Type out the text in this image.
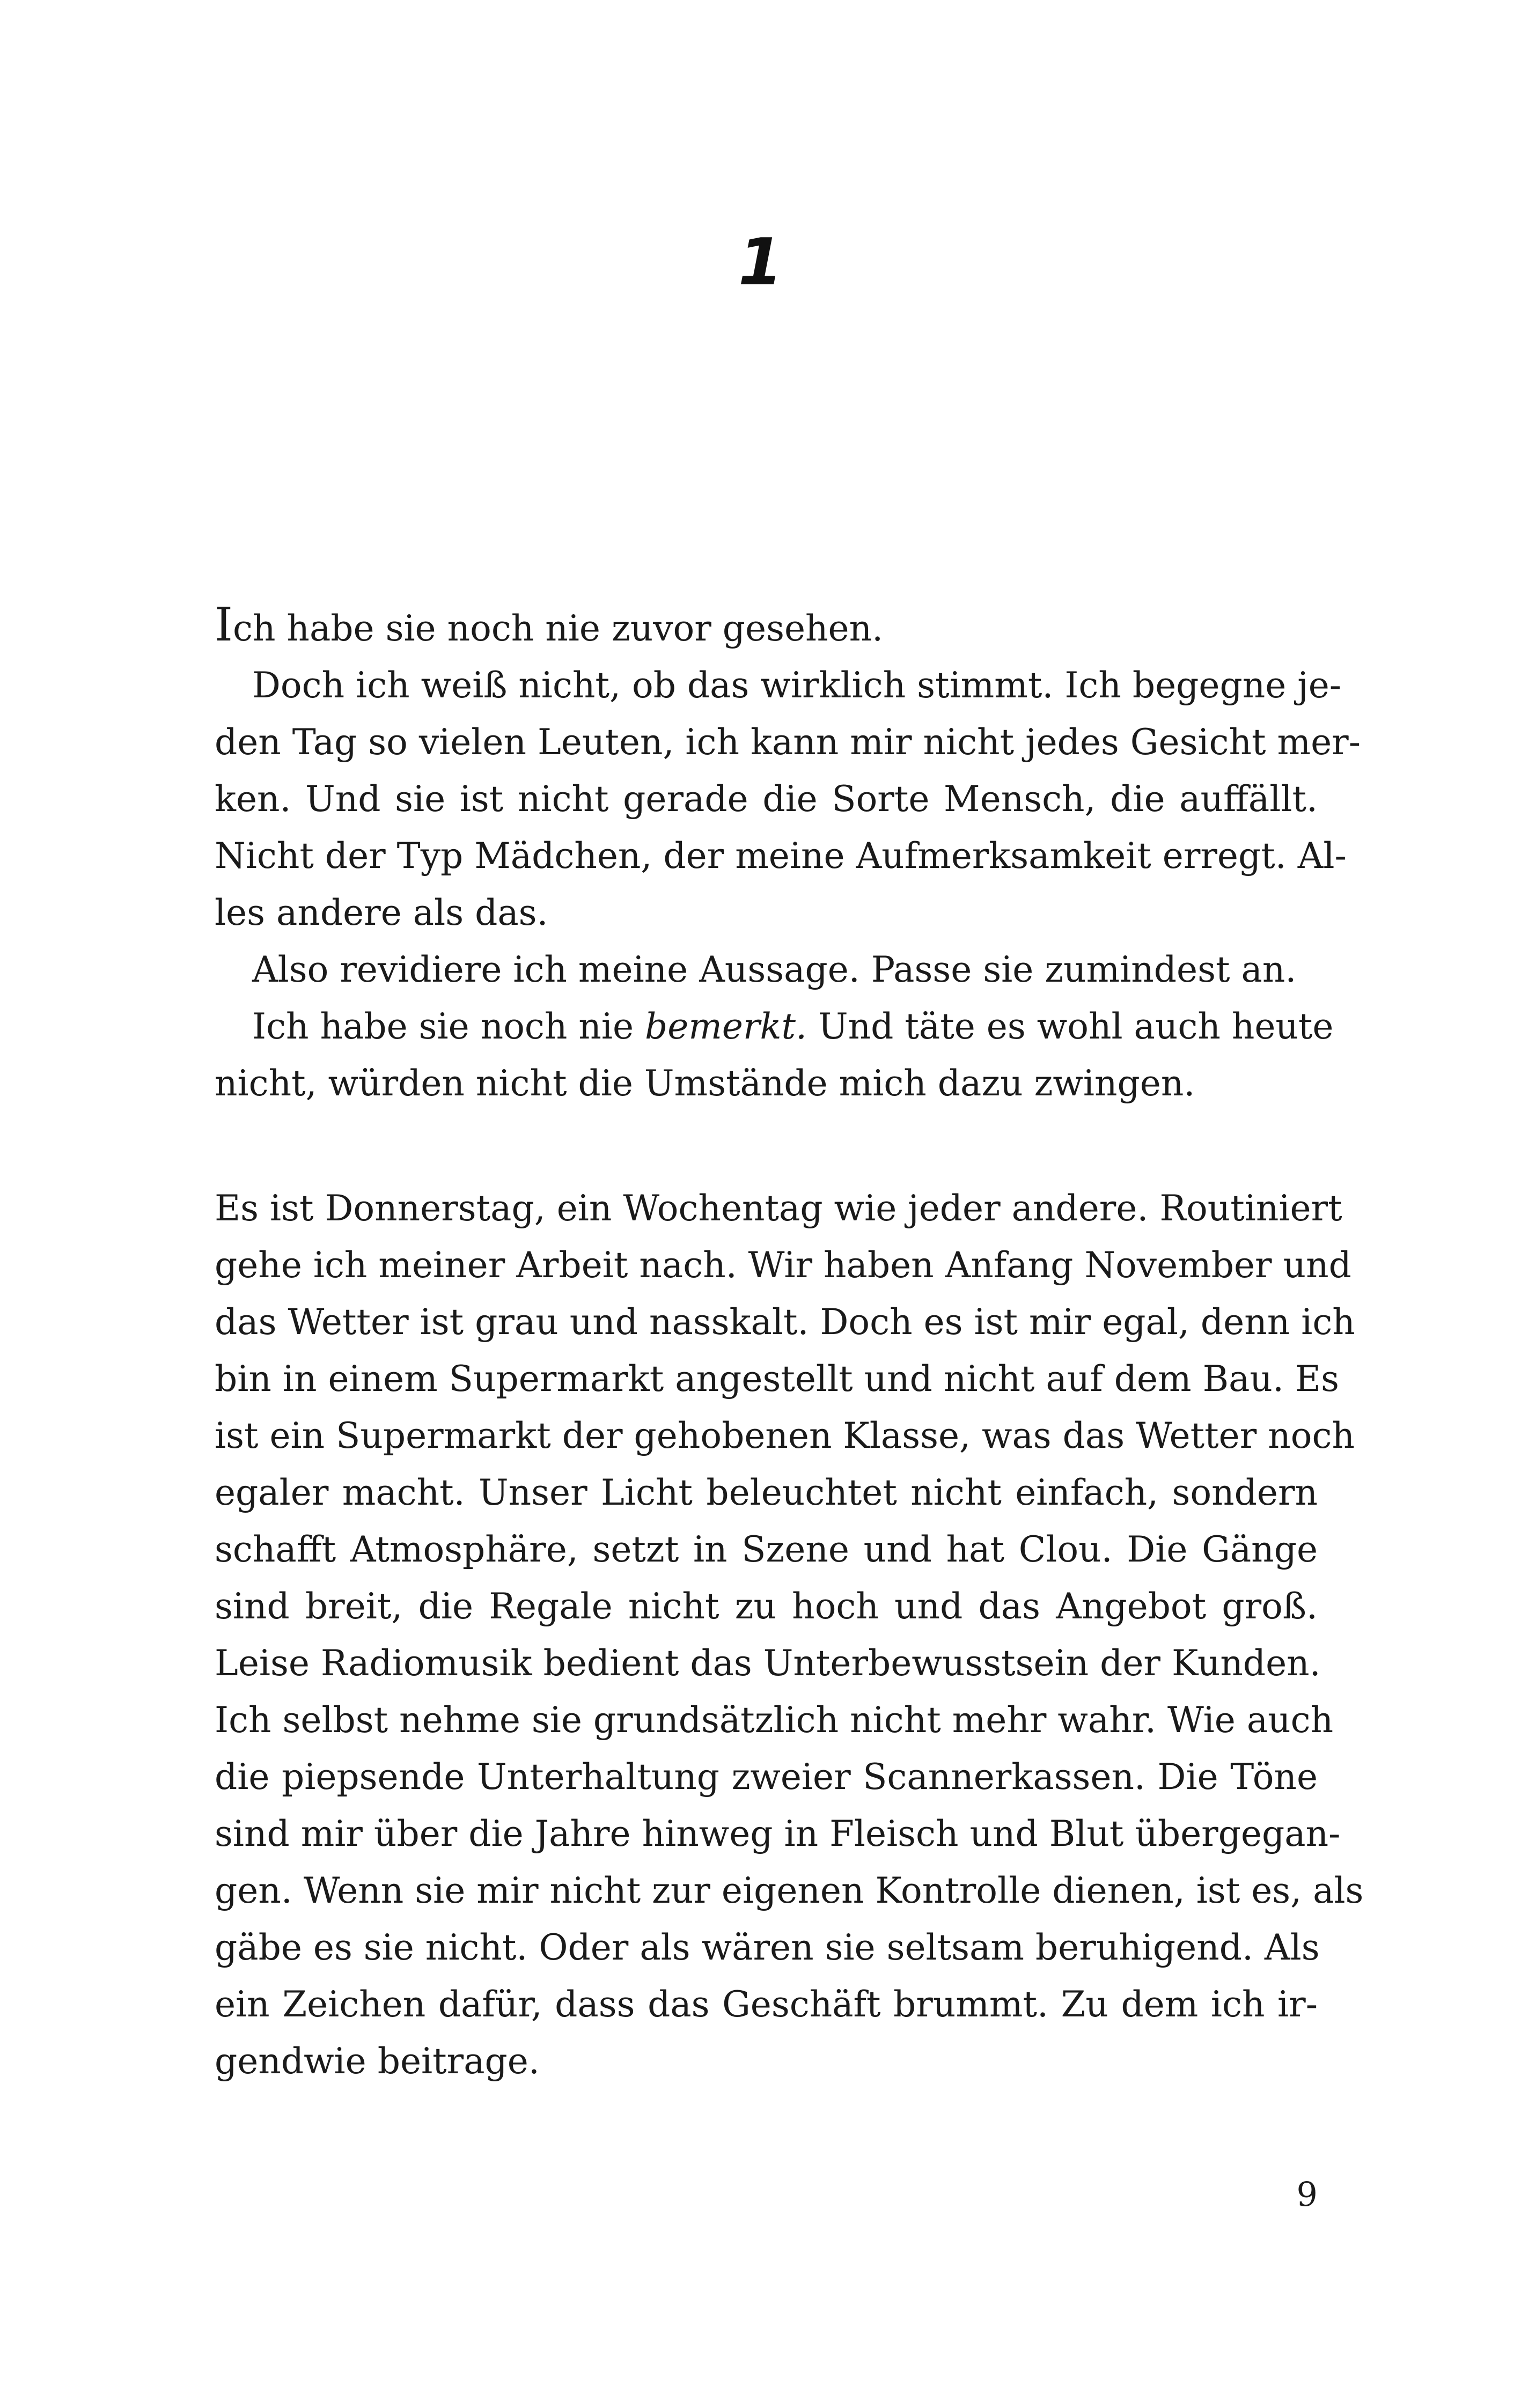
1
Ich habe sie noch nie zuvor gesehen.
Doch ich weiß nicht, ob das wirklich stimmt. Ich begegne je-
den Tag so vielen Leuten, ich kann mir nicht jedes Gesicht mer-
ken. Und sie ist nicht gerade die Sorte Mensch, die auffällt.
Nicht der Typ Mädchen, der meine Aufmerksamkeit erregt. Al-
les andere als das.
Also revidiere ich meine Aussage. Passe sie zumindest an.
Ich habe sie noch nie bemerkt. Und täte es wohl auch heute
nicht, würden nicht die Umstände mich dazu zwingen.
Es ist Donnerstag, ein Wochentag wie jeder andere. Routiniert
gehe ich meiner Arbeit nach. Wir haben Anfang November und
das Wetter ist grau und nasskalt. Doch es ist mir egal, denn ich
bin in einem Supermarkt angestellt und nicht auf dem Bau. Es
ist ein Supermarkt der gehobenen Klasse, was das Wetter noch
egaler macht. Unser Licht beleuchtet nicht einfach, sondern
schafft Atmosphäre, setzt in Szene und hat Clou. Die Gänge
sind breit, die Regale nicht zu hoch und das Angebot groß.
Leise Radiomusik bedient das Unterbewusstsein der Kunden.
Ich selbst nehme sie grundsätzlich nicht mehr wahr. Wie auch
die piepsende Unterhaltung zweier Scannerkassen. Die Töne
sind mir über die Jahre hinweg in Fleisch und Blut übergegan-
gen. Wenn sie mir nicht zur eigenen Kontrolle dienen, ist es, als
gäbe es sie nicht. Oder als wären sie seltsam beruhigend. Als
ein Zeichen dafür, dass das Geschäft brummt. Zu dem ich ir-
gendwie beitrage.
9
